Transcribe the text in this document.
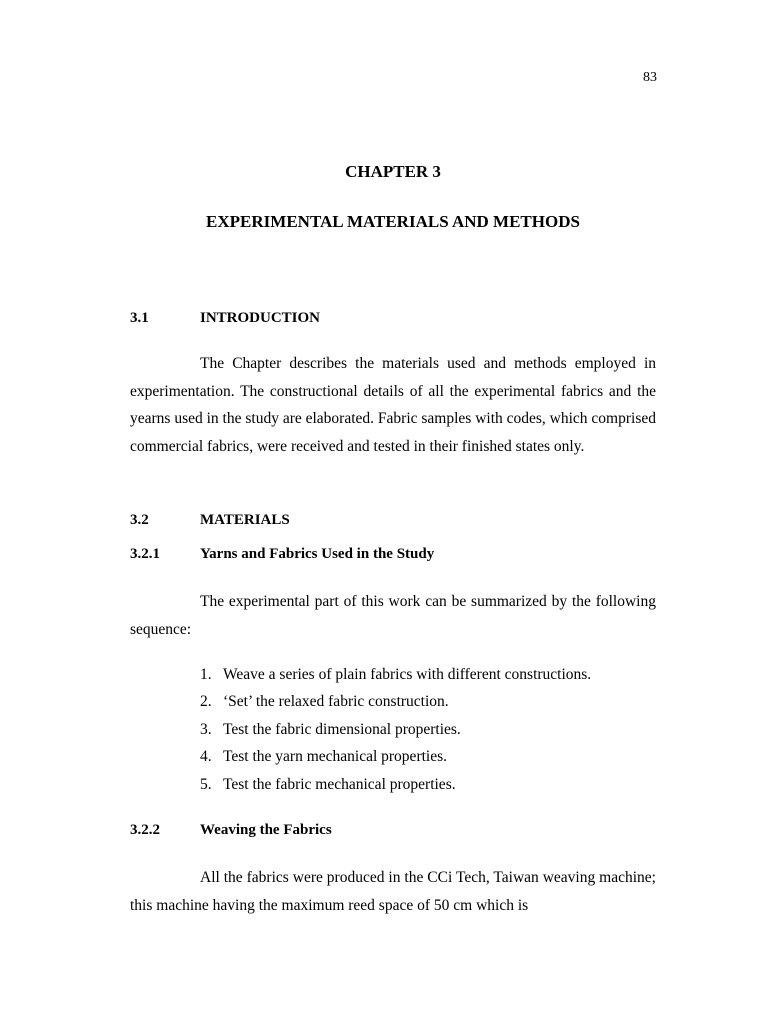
83
CHAPTER 3
EXPERIMENTAL MATERIALS AND METHODS
3.1	INTRODUCTION
The Chapter describes the materials used and methods employed in experimentation. The constructional details of all the experimental fabrics and the yearns used in the study are elaborated. Fabric samples with codes, which comprised commercial fabrics, were received and tested in their finished states only.
3.2	MATERIALS
3.2.1	Yarns and Fabrics Used in the Study
The experimental part of this work can be summarized by the following sequence:
1. Weave a series of plain fabrics with different constructions.
2. ‘Set’ the relaxed fabric construction.
3. Test the fabric dimensional properties.
4. Test the yarn mechanical properties.
5. Test the fabric mechanical properties.
3.2.2	Weaving the Fabrics
All the fabrics were produced in the CCi Tech, Taiwan weaving machine; this machine having the maximum reed space of 50 cm which is
